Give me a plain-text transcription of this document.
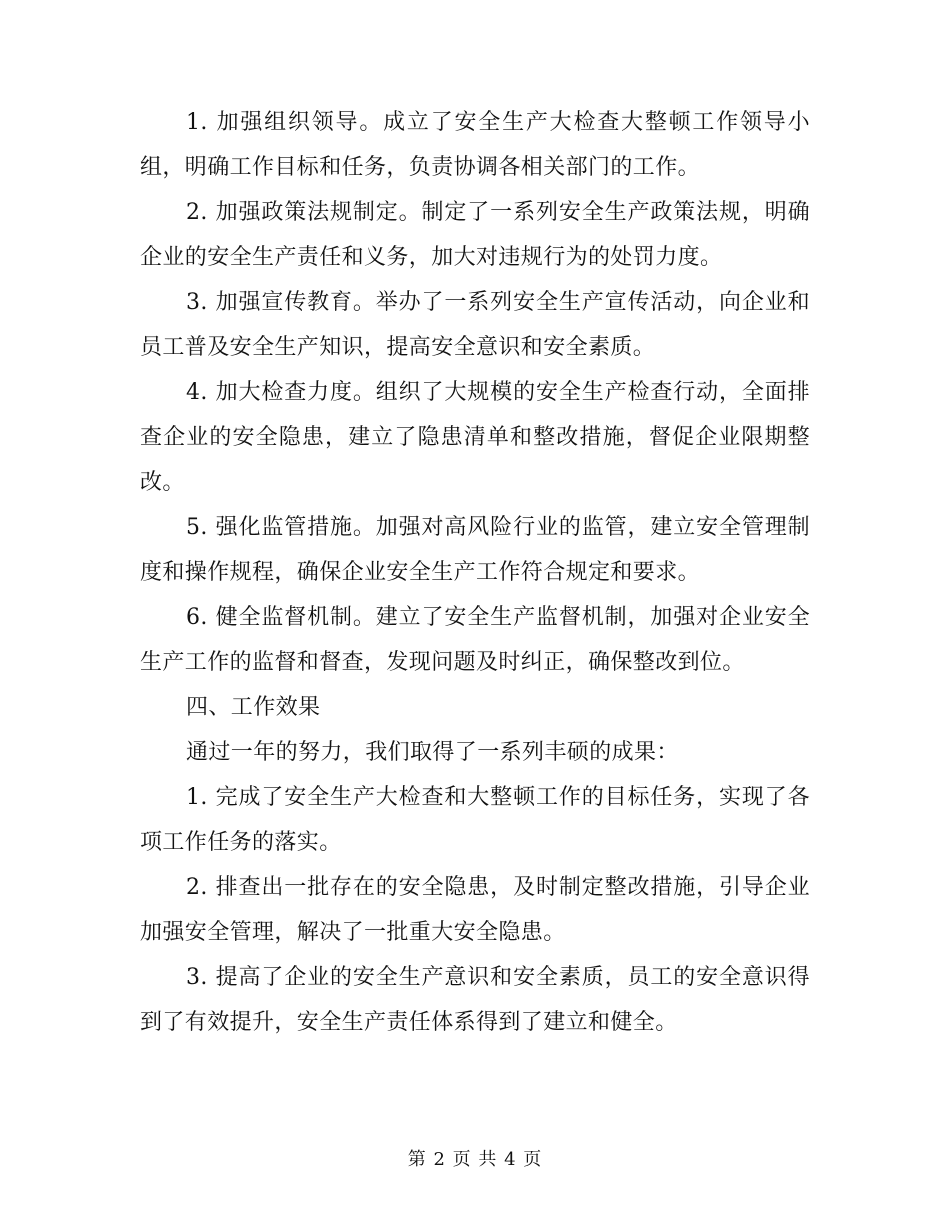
1. 加强组织领导。成立了安全生产大检查大整顿工作领导小组，明确工作目标和任务，负责协调各相关部门的工作。

2. 加强政策法规制定。制定了一系列安全生产政策法规，明确企业的安全生产责任和义务，加大对违规行为的处罚力度。

3. 加强宣传教育。举办了一系列安全生产宣传活动，向企业和员工普及安全生产知识，提高安全意识和安全素质。

4. 加大检查力度。组织了大规模的安全生产检查行动，全面排查企业的安全隐患，建立了隐患清单和整改措施，督促企业限期整改。

5. 强化监管措施。加强对高风险行业的监管，建立安全管理制度和操作规程，确保企业安全生产工作符合规定和要求。

6. 健全监督机制。建立了安全生产监督机制，加强对企业安全生产工作的监督和督查，发现问题及时纠正，确保整改到位。

四、工作效果

通过一年的努力，我们取得了一系列丰硕的成果：

1. 完成了安全生产大检查和大整顿工作的目标任务，实现了各项工作任务的落实。

2. 排查出一批存在的安全隐患，及时制定整改措施，引导企业加强安全管理，解决了一批重大安全隐患。

3. 提高了企业的安全生产意识和安全素质，员工的安全意识得到了有效提升，安全生产责任体系得到了建立和健全。

第 2 页 共 4 页
